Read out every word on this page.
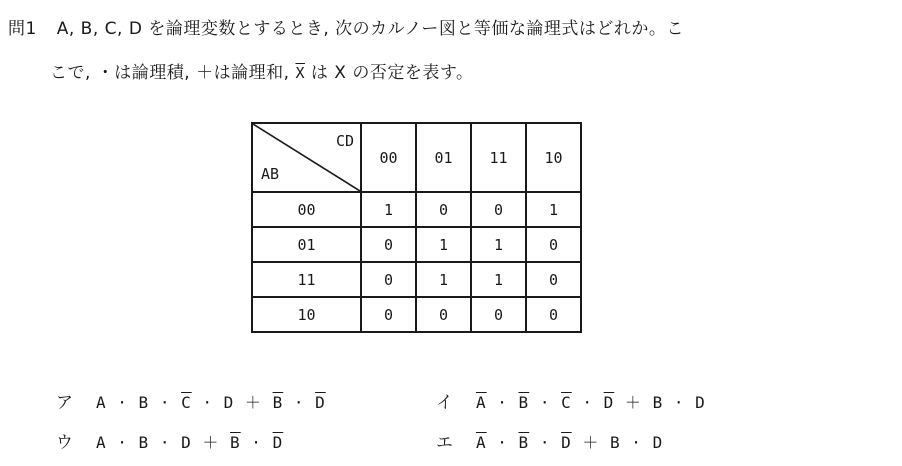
問1 A, B, C, D を論理変数とするとき, 次のカルノー図と等価な論理式はどれか。こ
こで, ・は論理積, ＋は論理和, $\overline{X}$ は X の否定を表す。
CD
AB	00	01	11	10
00	1	0	0	1
01	0	1	1	0
11	0	1	1	0
10	0	0	0	0
ア $A \cdot B \cdot \overline{C} \cdot D + \overline{B} \cdot \overline{D}$	イ $\overline{A} \cdot \overline{B} \cdot \overline{C} \cdot \overline{D} + B \cdot D$
ウ $A \cdot B \cdot D + \overline{B} \cdot \overline{D}$	エ $\overline{A} \cdot \overline{B} \cdot \overline{D} + B \cdot D$
